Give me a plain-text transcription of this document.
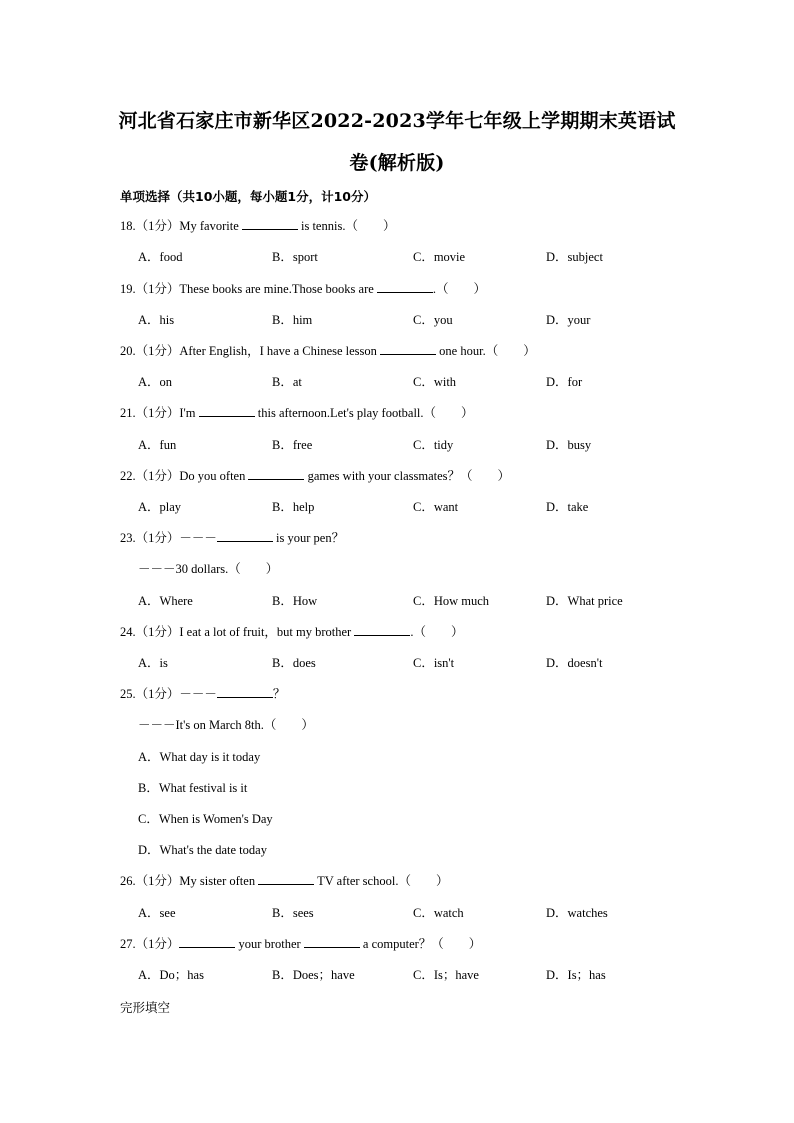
河北省石家庄市新华区2022-2023学年七年级上学期期末英语试
卷(解析版)
单项选择（共10小题，每小题1分，计10分）
18.（1分）My favorite	is tennis.（　　）
A．food	B．sport	C．movie	D．subject
19.（1分）These books are mine.Those books are	.（　　）
A．his	B．him	C．you	D．your
20.（1分）After English，I have a Chinese lesson	one hour.（　　）
A．on	B．at	C．with	D．for
21.（1分）I'm	this afternoon.Let's play football.（　　）
A．fun	B．free	C．tidy	D．busy
22.（1分）Do you often	games with your classmates？（　　）
A．play	B．help	C．want	D．take
23.（1分）－－－	is your pen？
－－－30 dollars.（　　）
A．Where	B．How	C．How much	D．What price
24.（1分）I eat a lot of fruit，but my brother	.（　　）
A．is	B．does	C．isn't	D．doesn't
25.（1分）－－－	？
－－－It's on March 8th.（　　）
A．What day is it today
B．What festival is it
C．When is Women's Day
D．What's the date today
26.（1分）My sister often	TV after school.（　　）
A．see	B．sees	C．watch	D．watches
27.（1分）	your brother	a computer？（　　）
A．Do；has	B．Does；have	C．Is；have	D．Is；has
完形填空
